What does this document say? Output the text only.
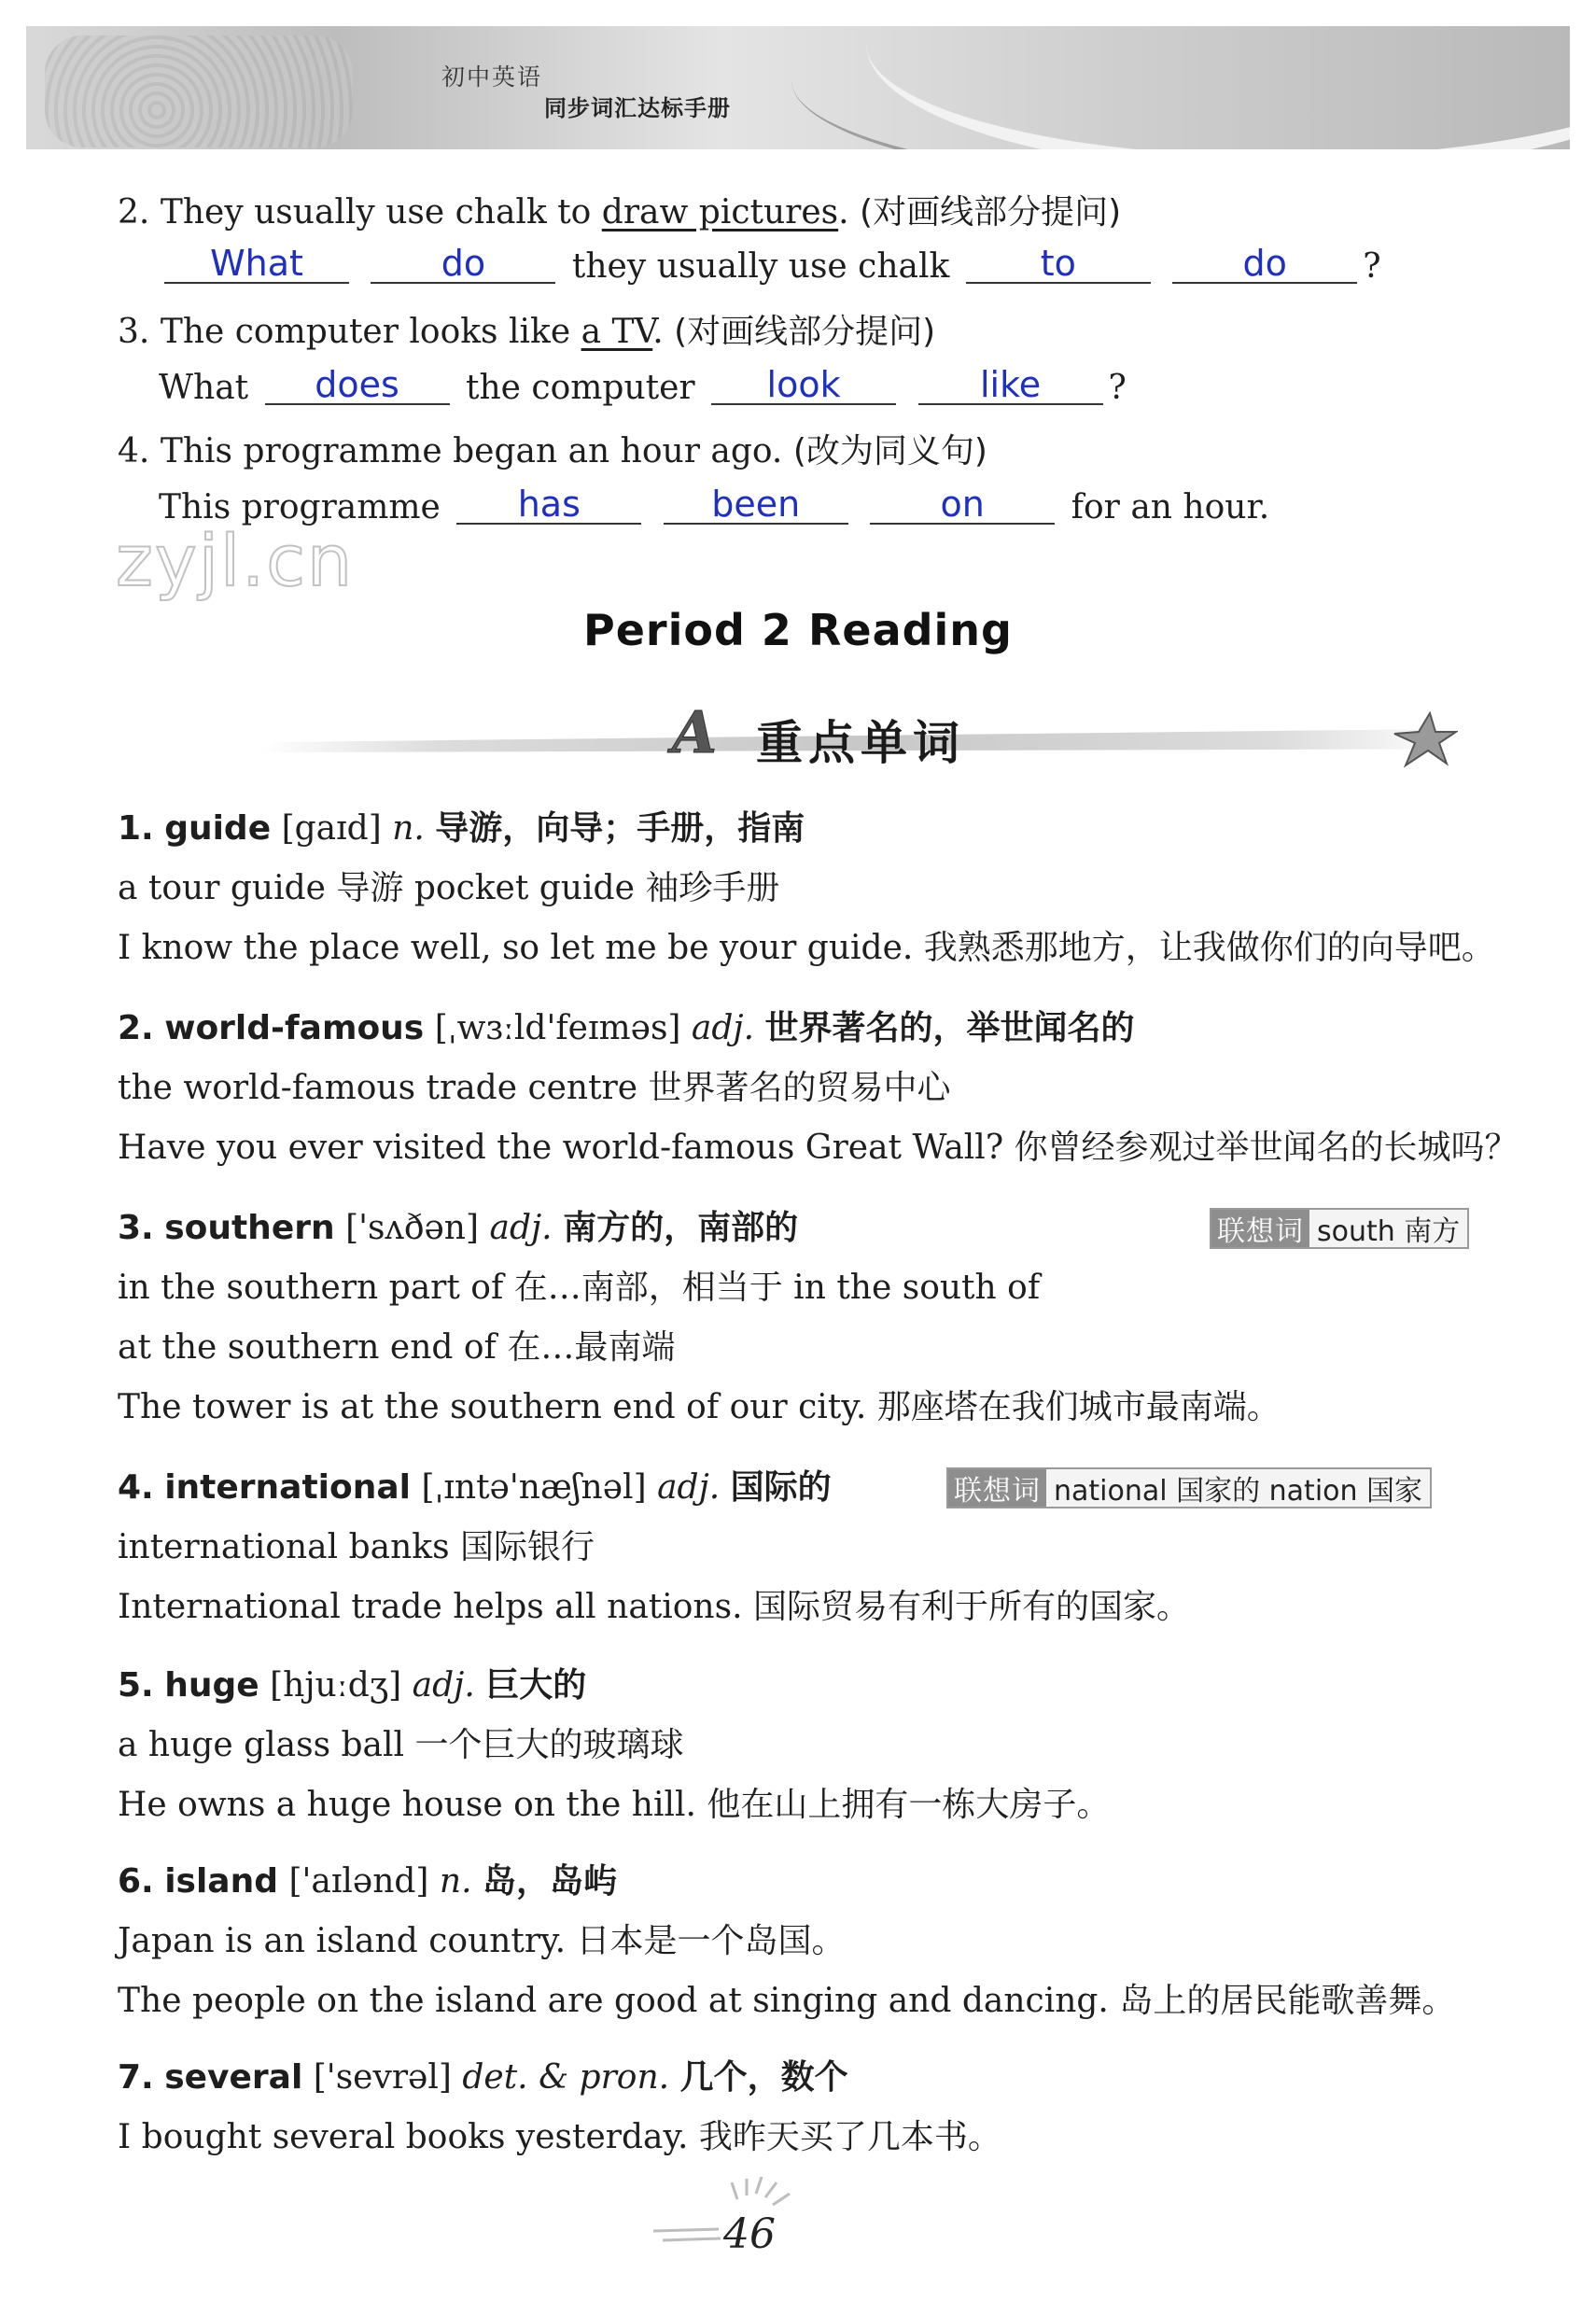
初中英语
同步词汇达标手册
2. They usually use chalk to draw pictures. (对画线部分提问)
What	do	they usually use chalk	to	do ?
3. The computer looks like a TV. (对画线部分提问)
What does the computer look	like ?
4. This programme began an hour ago. (改为同义句)
This programme has	been	on	for an hour.
zyjl.cn
Period 2 Reading
A 重点单词
1. guide [gaɪd] n. 导游，向导；手册，指南
a tour guide 导游 pocket guide 袖珍手册
I know the place well, so let me be your guide. 我熟悉那地方，让我做你们的向导吧。
2. world-famous [ˌwɜːld'feɪməs] adj. 世界著名的，举世闻名的
the world-famous trade centre 世界著名的贸易中心
Have you ever visited the world-famous Great Wall? 你曾经参观过举世闻名的长城吗？
3. southern ['sʌðən] adj. 南方的，南部的	联想词 south 南方
in the southern part of 在…南部，相当于 in the south of
at the southern end of 在…最南端
The tower is at the southern end of our city. 那座塔在我们城市最南端。
4. international [ˌɪntə'næʃnəl] adj. 国际的	联想词 national 国家的 nation 国家
international banks 国际银行
International trade helps all nations. 国际贸易有利于所有的国家。
5. huge [hjuːdʒ] adj. 巨大的
a huge glass ball 一个巨大的玻璃球
He owns a huge house on the hill. 他在山上拥有一栋大房子。
6. island ['aɪlənd] n. 岛，岛屿
Japan is an island country. 日本是一个岛国。
The people on the island are good at singing and dancing. 岛上的居民能歌善舞。
7. several ['sevrəl] det. & pron. 几个，数个
I bought several books yesterday. 我昨天买了几本书。
46
